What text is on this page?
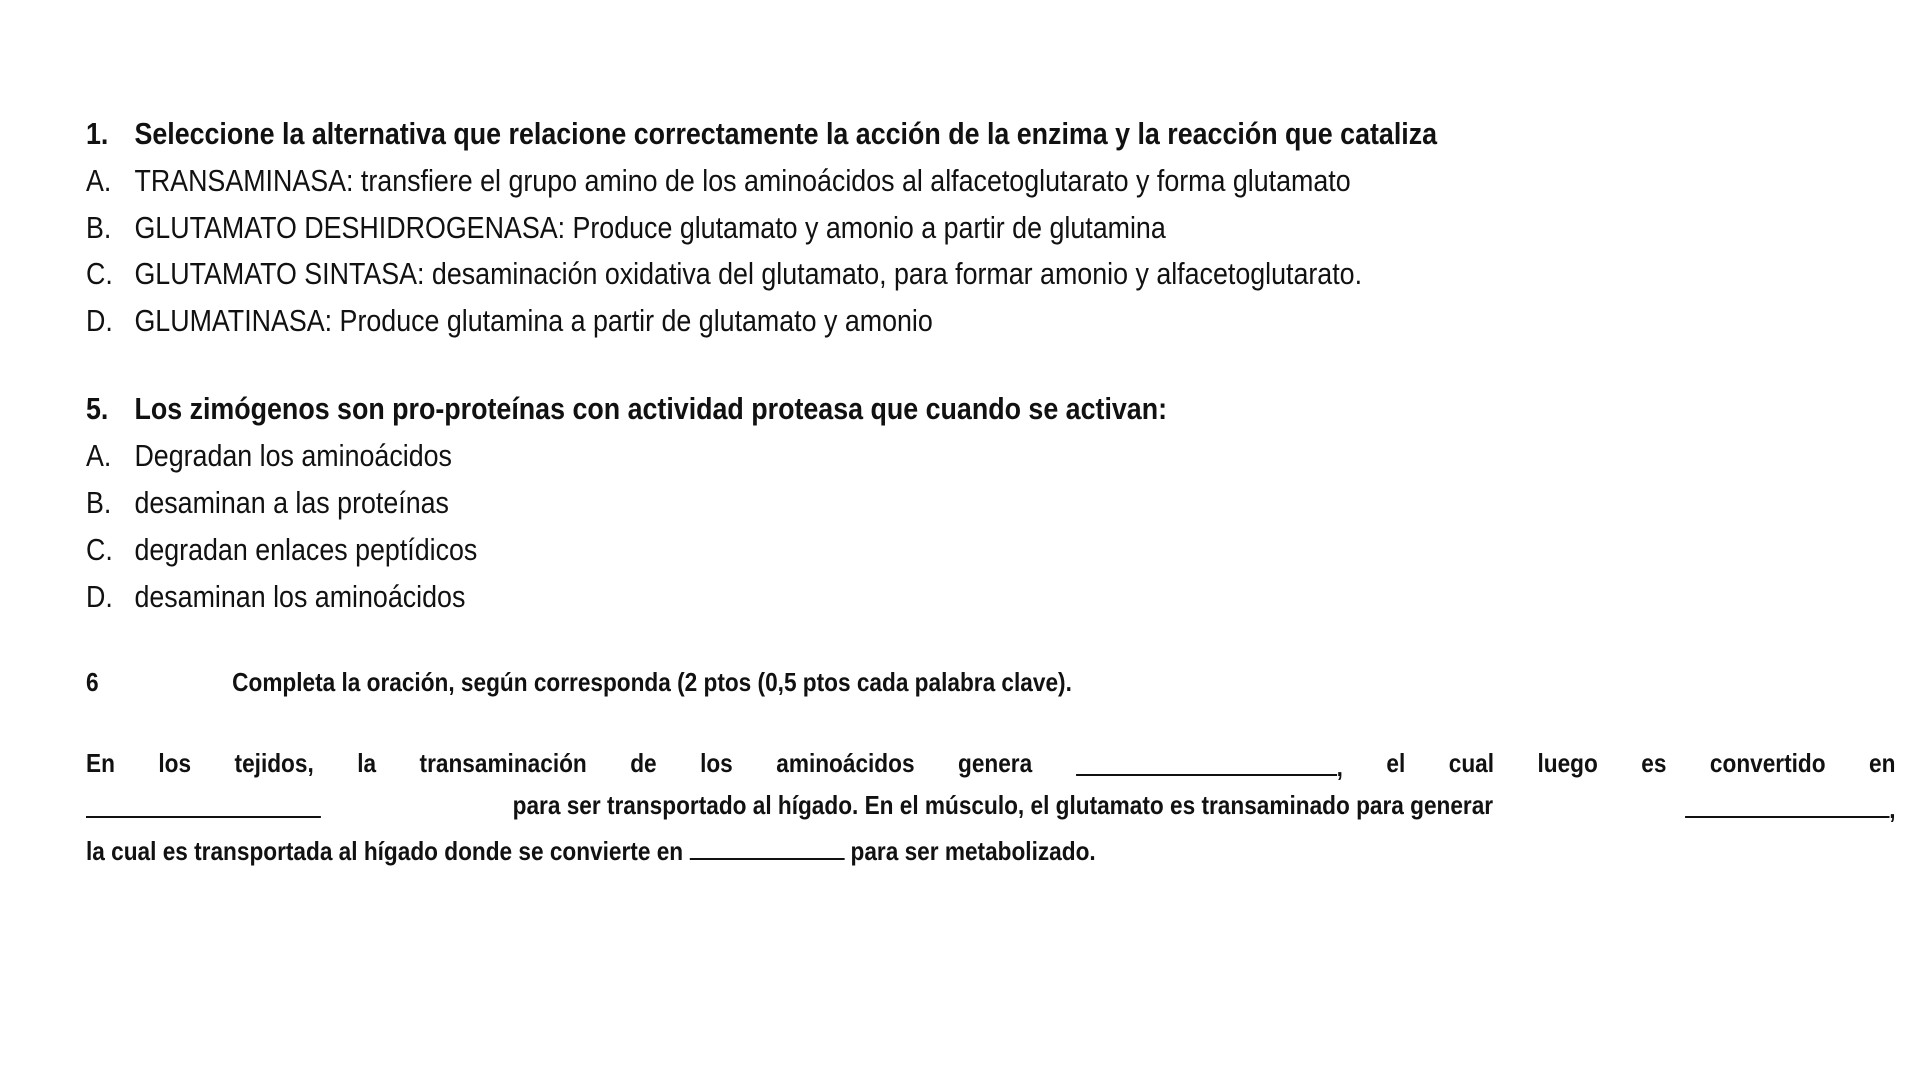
1. Seleccione la alternativa que relacione correctamente la acción de la enzima y la reacción que cataliza
A. TRANSAMINASA: transfiere el grupo amino de los aminoácidos al alfacetoglutarato y forma glutamato
B. GLUTAMATO DESHIDROGENASA: Produce glutamato y amonio a partir de glutamina
C. GLUTAMATO SINTASA: desaminación oxidativa del glutamato, para formar amonio y alfacetoglutarato.
D. GLUMATINASA: Produce glutamina a partir de glutamato y amonio
5. Los zimógenos son pro-proteínas con actividad proteasa que cuando se activan:
A. Degradan los aminoácidos
B. desaminan a las proteínas
C. degradan enlaces peptídicos
D. desaminan los aminoácidos
6	Completa la oración, según corresponda (2 ptos (0,5 ptos cada palabra clave).
En los tejidos, la transaminación de los aminoácidos genera	, el cual luego es convertido en
para ser transportado al hígado. En el músculo, el glutamato es transaminado para generar	,
la cual es transportada al hígado donde se convierte en	para ser metabolizado.
